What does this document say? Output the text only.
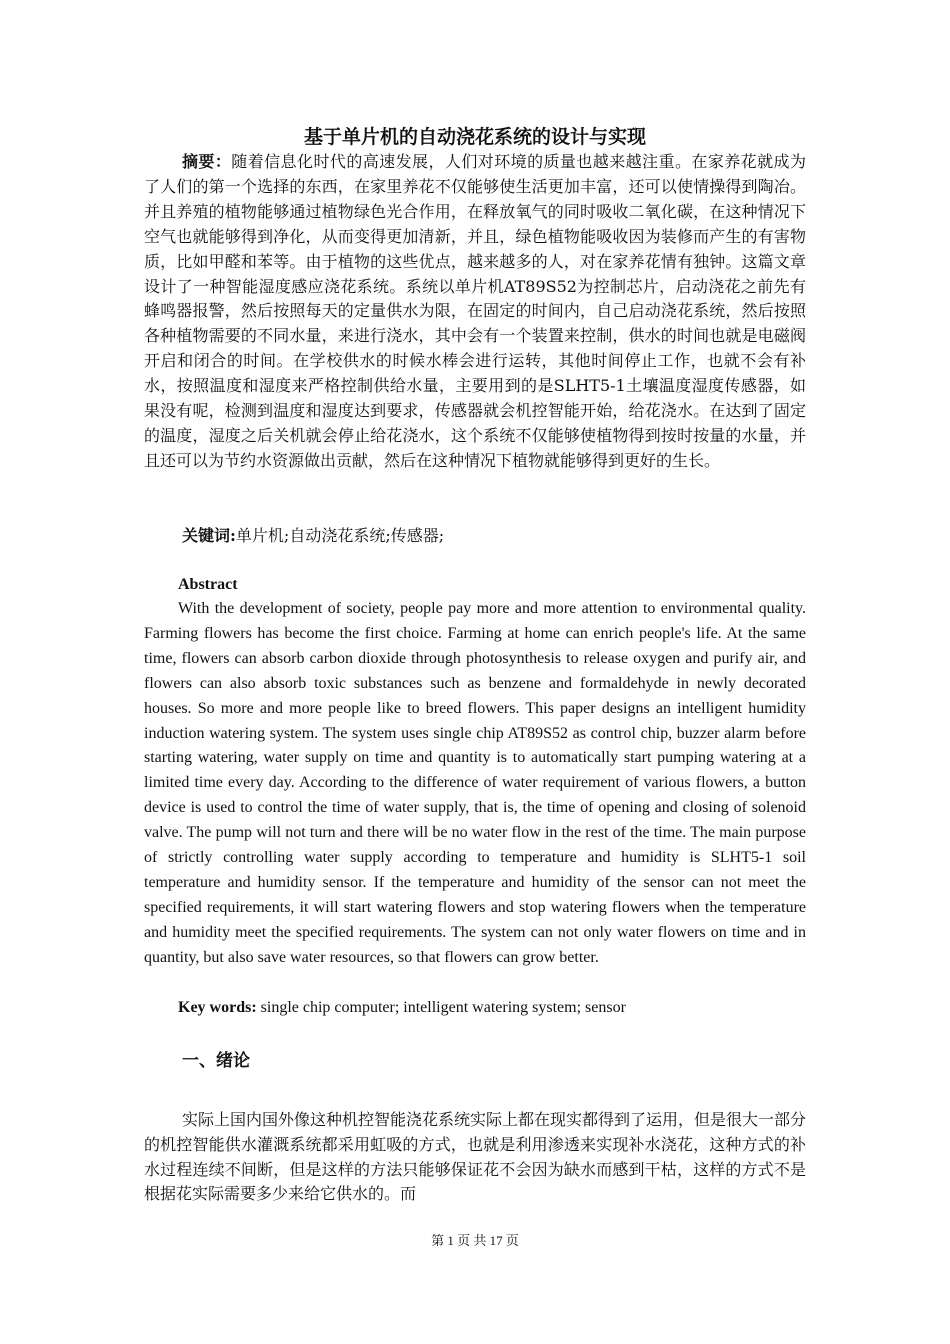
基于单片机的自动浇花系统的设计与实现

摘要：随着信息化时代的高速发展，人们对环境的质量也越来越注重。在家养花就成为了人们的第一个选择的东西，在家里养花不仅能够使生活更加丰富，还可以使情操得到陶冶。并且养殖的植物能够通过植物绿色光合作用，在释放氧气的同时吸收二氧化碳，在这种情况下空气也就能够得到净化，从而变得更加清新，并且，绿色植物能吸收因为装修而产生的有害物质，比如甲醛和苯等。由于植物的这些优点，越来越多的人，对在家养花情有独钟。这篇文章设计了一种智能湿度感应浇花系统。系统以单片机AT89S52为控制芯片，启动浇花之前先有蜂鸣器报警，然后按照每天的定量供水为限，在固定的时间内，自己启动浇花系统，然后按照各种植物需要的不同水量，来进行浇水，其中会有一个装置来控制，供水的时间也就是电磁阀开启和闭合的时间。在学校供水的时候水棒会进行运转，其他时间停止工作，也就不会有补水，按照温度和湿度来严格控制供给水量，主要用到的是SLHT5-1土壤温度湿度传感器，如果没有呢，检测到温度和湿度达到要求，传感器就会机控智能开始，给花浇水。在达到了固定的温度，湿度之后关机就会停止给花浇水，这个系统不仅能够使植物得到按时按量的水量，并且还可以为节约水资源做出贡献，然后在这种情况下植物就能够得到更好的生长。

关键词:单片机;自动浇花系统;传感器;

Abstract

With the development of society, people pay more and more attention to environmental quality. Farming flowers has become the first choice. Farming at home can enrich people's life. At the same time, flowers can absorb carbon dioxide through photosynthesis to release oxygen and purify air, and flowers can also absorb toxic substances such as benzene and formaldehyde in newly decorated houses. So more and more people like to breed flowers. This paper designs an intelligent humidity induction watering system. The system uses single chip AT89S52 as control chip, buzzer alarm before starting watering, water supply on time and quantity is to automatically start pumping watering at a limited time every day. According to the difference of water requirement of various flowers, a button device is used to control the time of water supply, that is, the time of opening and closing of solenoid valve. The pump will not turn and there will be no water flow in the rest of the time. The main purpose of strictly controlling water supply according to temperature and humidity is SLHT5-1 soil temperature and humidity sensor. If the temperature and humidity of the sensor can not meet the specified requirements, it will start watering flowers and stop watering flowers when the temperature and humidity meet the specified requirements. The system can not only water flowers on time and in quantity, but also save water resources, so that flowers can grow better.

Key words: single chip computer; intelligent watering system; sensor

一、绪论

实际上国内国外像这种机控智能浇花系统实际上都在现实都得到了运用，但是很大一部分的机控智能供水灌溉系统都采用虹吸的方式，也就是利用渗透来实现补水浇花，这种方式的补水过程连续不间断，但是这样的方法只能够保证花不会因为缺水而感到干枯，这样的方式不是根据花实际需要多少来给它供水的。而

第 1 页 共 17 页
